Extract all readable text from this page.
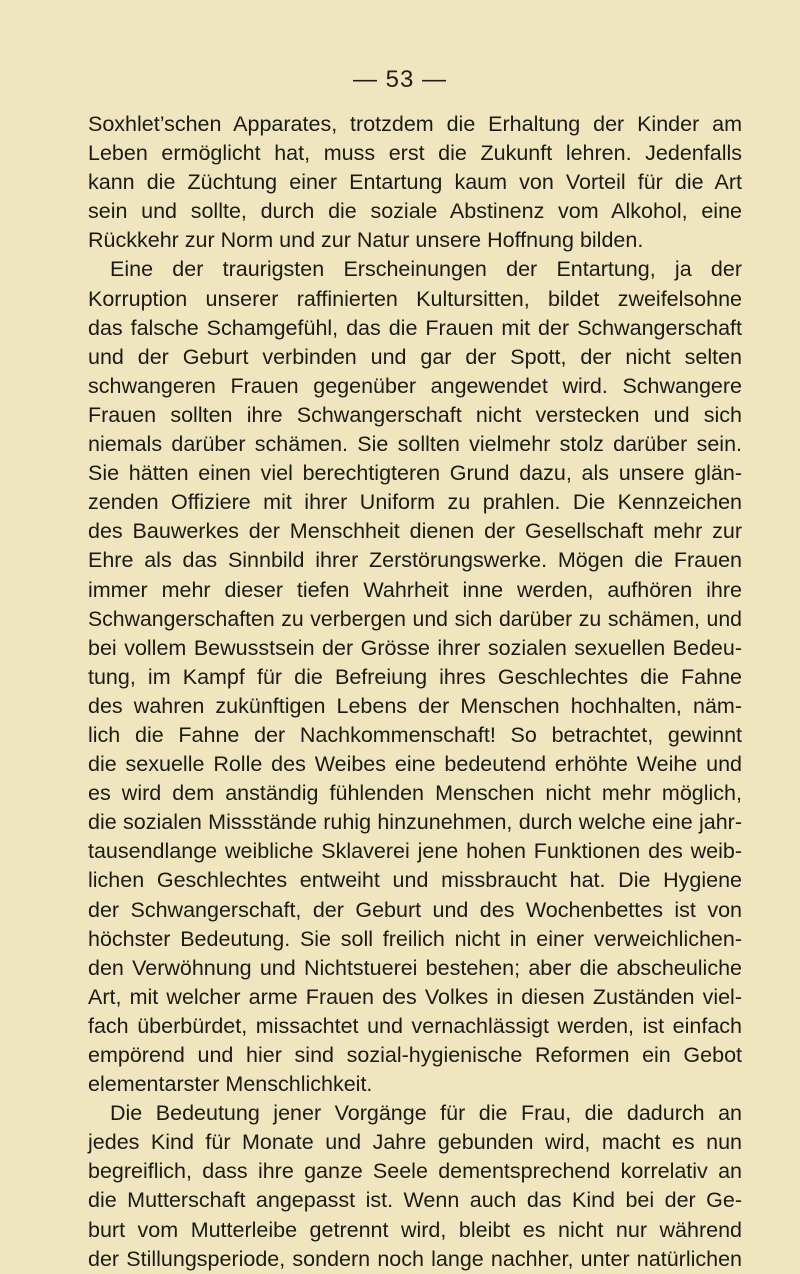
— 53 —
Soxhlet’schen Apparates, trotzdem die Erhaltung der Kinder am
Leben ermöglicht hat, muss erst die Zukunft lehren. Jedenfalls
kann die Züchtung einer Entartung kaum von Vorteil für die Art
sein und sollte, durch die soziale Abstinenz vom Alkohol, eine
Rückkehr zur Norm und zur Natur unsere Hoffnung bilden.
Eine der traurigsten Erscheinungen der Entartung, ja der
Korruption unserer raffinierten Kultursitten, bildet zweifelsohne
das falsche Schamgefühl, das die Frauen mit der Schwangerschaft
und der Geburt verbinden und gar der Spott, der nicht selten
schwangeren Frauen gegenüber angewendet wird. Schwangere
Frauen sollten ihre Schwangerschaft nicht verstecken und sich
niemals darüber schämen. Sie sollten vielmehr stolz darüber sein.
Sie hätten einen viel berechtigteren Grund dazu, als unsere glän-
zenden Offiziere mit ihrer Uniform zu prahlen. Die Kennzeichen
des Bauwerkes der Menschheit dienen der Gesellschaft mehr zur
Ehre als das Sinnbild ihrer Zerstörungswerke. Mögen die Frauen
immer mehr dieser tiefen Wahrheit inne werden, aufhören ihre
Schwangerschaften zu verbergen und sich darüber zu schämen, und
bei vollem Bewusstsein der Grösse ihrer sozialen sexuellen Bedeu-
tung, im Kampf für die Befreiung ihres Geschlechtes die Fahne
des wahren zukünftigen Lebens der Menschen hochhalten, näm-
lich die Fahne der Nachkommenschaft! So betrachtet, gewinnt
die sexuelle Rolle des Weibes eine bedeutend erhöhte Weihe und
es wird dem anständig fühlenden Menschen nicht mehr möglich,
die sozialen Missstände ruhig hinzunehmen, durch welche eine jahr-
tausendlange weibliche Sklaverei jene hohen Funktionen des weib-
lichen Geschlechtes entweiht und missbraucht hat. Die Hygiene
der Schwangerschaft, der Geburt und des Wochenbettes ist von
höchster Bedeutung. Sie soll freilich nicht in einer verweichlichen-
den Verwöhnung und Nichtstuerei bestehen; aber die abscheuliche
Art, mit welcher arme Frauen des Volkes in diesen Zuständen viel-
fach überbürdet, missachtet und vernachlässigt werden, ist einfach
empörend und hier sind sozial-hygienische Reformen ein Gebot
elementarster Menschlichkeit.
Die Bedeutung jener Vorgänge für die Frau, die dadurch an
jedes Kind für Monate und Jahre gebunden wird, macht es nun
begreiflich, dass ihre ganze Seele dementsprechend korrelativ an
die Mutterschaft angepasst ist. Wenn auch das Kind bei der Ge-
burt vom Mutterleibe getrennt wird, bleibt es nicht nur während
der Stillungsperiode, sondern noch lange nachher, unter natürlichen
